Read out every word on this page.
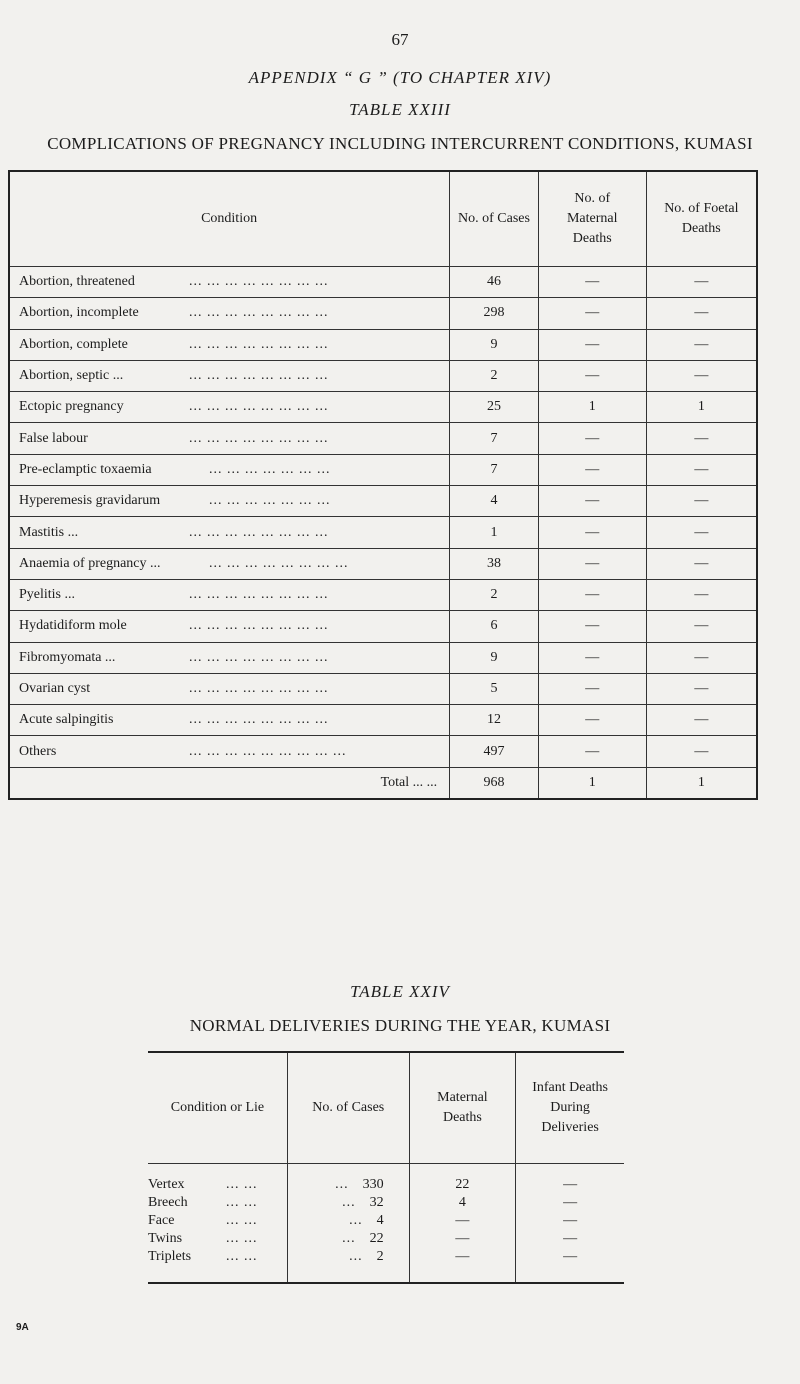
67
APPENDIX “ G ” (TO CHAPTER XIV)
TABLE XXIII
COMPLICATIONS OF PREGNANCY INCLUDING INTERCURRENT CONDITIONS, KUMASI
Condition	No. of Cases	No. of Maternal Deaths	No. of Foetal Deaths
Abortion, threatened ... ... ... ... ... ... ... ...	46	—	—
Abortion, incomplete ... ... ... ... ... ... ... ...	298	—	—
Abortion, complete ... ... ... ... ... ... ... ...	9	—	—
Abortion, septic ... ... ... ... ... ... ... ... ...	2	—	—
Ectopic pregnancy ... ... ... ... ... ... ... ...	25	1	1
False labour ... ... ... ... ... ... ... ...	7	—	—
Pre-eclamptic toxaemia ... ... ... ... ... ... ...	7	—	—
Hyperemesis gravidarum ... ... ... ... ... ... ...	4	—	—
Mastitis ... ... ... ... ... ... ... ... ...	1	—	—
Anaemia of pregnancy ... ... ... ... ... ... ... ... ...	38	—	—
Pyelitis ... ... ... ... ... ... ... ... ...	2	—	—
Hydatidiform mole ... ... ... ... ... ... ... ...	6	—	—
Fibromyomata ... ... ... ... ... ... ... ... ...	9	—	—
Ovarian cyst ... ... ... ... ... ... ... ...	5	—	—
Acute salpingitis ... ... ... ... ... ... ... ...	12	—	—
Others ... ... ... ... ... ... ... ... ...	497	—	—
Total ... ...	968	1	1
TABLE XXIV
NORMAL DELIVERIES DURING THE YEAR, KUMASI
Condition or Lie	No. of Cases	Maternal Deaths	Infant Deaths During Deliveries
Vertex ... ...	... 330	22	—
Breech ... ...	... 32	4	—
Face ... ...	... 4	—	—
Twins ... ...	... 22	—	—
Triplets ... ...	... 2	—	—
9A
